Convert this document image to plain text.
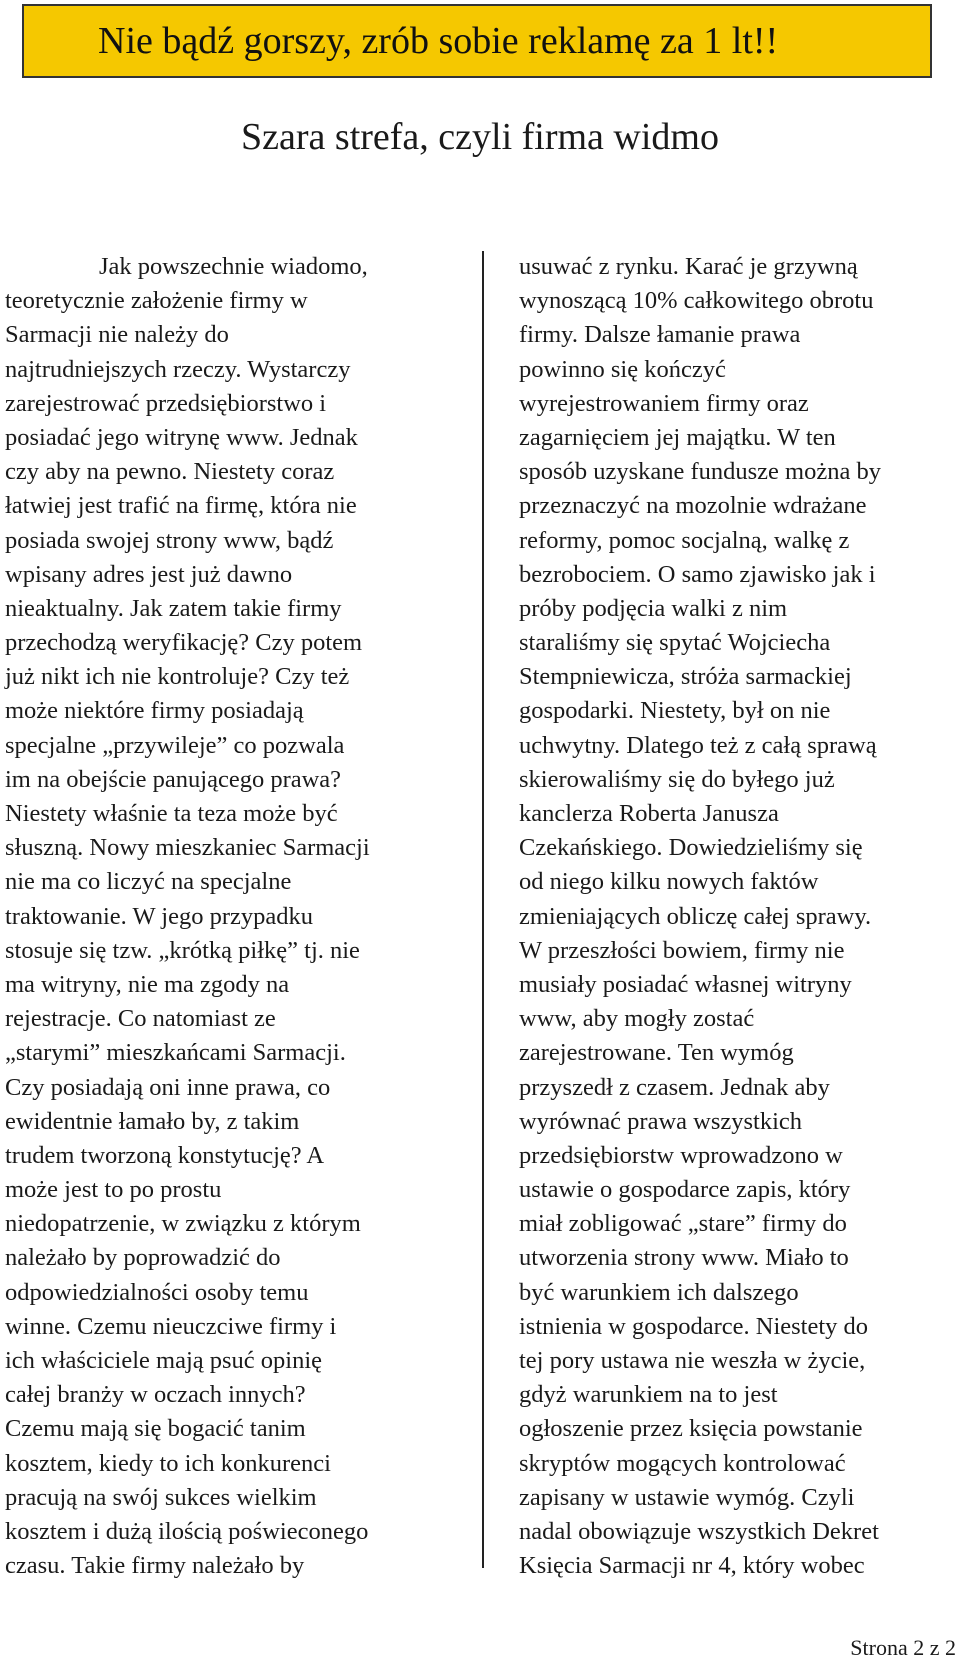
Nie bądź gorszy, zrób sobie reklamę za 1 lt!!
Szara strefa, czyli firma widmo
Jak powszechnie wiadomo,
teoretycznie założenie firmy w
Sarmacji nie należy do
najtrudniejszych rzeczy. Wystarczy
zarejestrować przedsiębiorstwo i
posiadać jego witrynę www. Jednak
czy aby na pewno. Niestety coraz
łatwiej jest trafić na firmę, która nie
posiada swojej strony www, bądź
wpisany adres jest już dawno
nieaktualny. Jak zatem takie firmy
przechodzą weryfikację? Czy potem
już nikt ich nie kontroluje? Czy też
może niektóre firmy posiadają
specjalne „przywileje” co pozwala
im na obejście panującego prawa?
Niestety właśnie ta teza może być
słuszną. Nowy mieszkaniec Sarmacji
nie ma co liczyć na specjalne
traktowanie. W jego przypadku
stosuje się tzw. „krótką piłkę” tj. nie
ma witryny, nie ma zgody na
rejestracje. Co natomiast ze
„starymi” mieszkańcami Sarmacji.
Czy posiadają oni inne prawa, co
ewidentnie łamało by, z takim
trudem tworzoną konstytucję? A
może jest to po prostu
niedopatrzenie, w związku z którym
należało by poprowadzić do
odpowiedzialności osoby temu
winne. Czemu nieuczciwe firmy i
ich właściciele mają psuć opinię
całej branży w oczach innych?
Czemu mają się bogacić tanim
kosztem, kiedy to ich konkurenci
pracują na swój sukces wielkim
kosztem i dużą ilością poświeconego
czasu. Takie firmy należało by
usuwać z rynku. Karać je grzywną
wynoszącą 10% całkowitego obrotu
firmy. Dalsze łamanie prawa
powinno się kończyć
wyrejestrowaniem firmy oraz
zagarnięciem jej majątku. W ten
sposób uzyskane fundusze można by
przeznaczyć na mozolnie wdrażane
reformy, pomoc socjalną, walkę z
bezrobociem. O samo zjawisko jak i
próby podjęcia walki z nim
staraliśmy się spytać Wojciecha
Stempniewicza, stróża sarmackiej
gospodarki. Niestety, był on nie
uchwytny. Dlatego też z całą sprawą
skierowaliśmy się do byłego już
kanclerza Roberta Janusza
Czekańskiego. Dowiedzieliśmy się
od niego kilku nowych faktów
zmieniających obliczę całej sprawy.
W przeszłości bowiem, firmy nie
musiały posiadać własnej witryny
www, aby mogły zostać
zarejestrowane. Ten wymóg
przyszedł z czasem. Jednak aby
wyrównać prawa wszystkich
przedsiębiorstw wprowadzono w
ustawie o gospodarce zapis, który
miał zobligować „stare” firmy do
utworzenia strony www. Miało to
być warunkiem ich dalszego
istnienia w gospodarce. Niestety do
tej pory ustawa nie weszła w życie,
gdyż warunkiem na to jest
ogłoszenie przez księcia powstanie
skryptów mogących kontrolować
zapisany w ustawie wymóg. Czyli
nadal obowiązuje wszystkich Dekret
Księcia Sarmacji nr 4, który wobec
Strona 2 z 2
